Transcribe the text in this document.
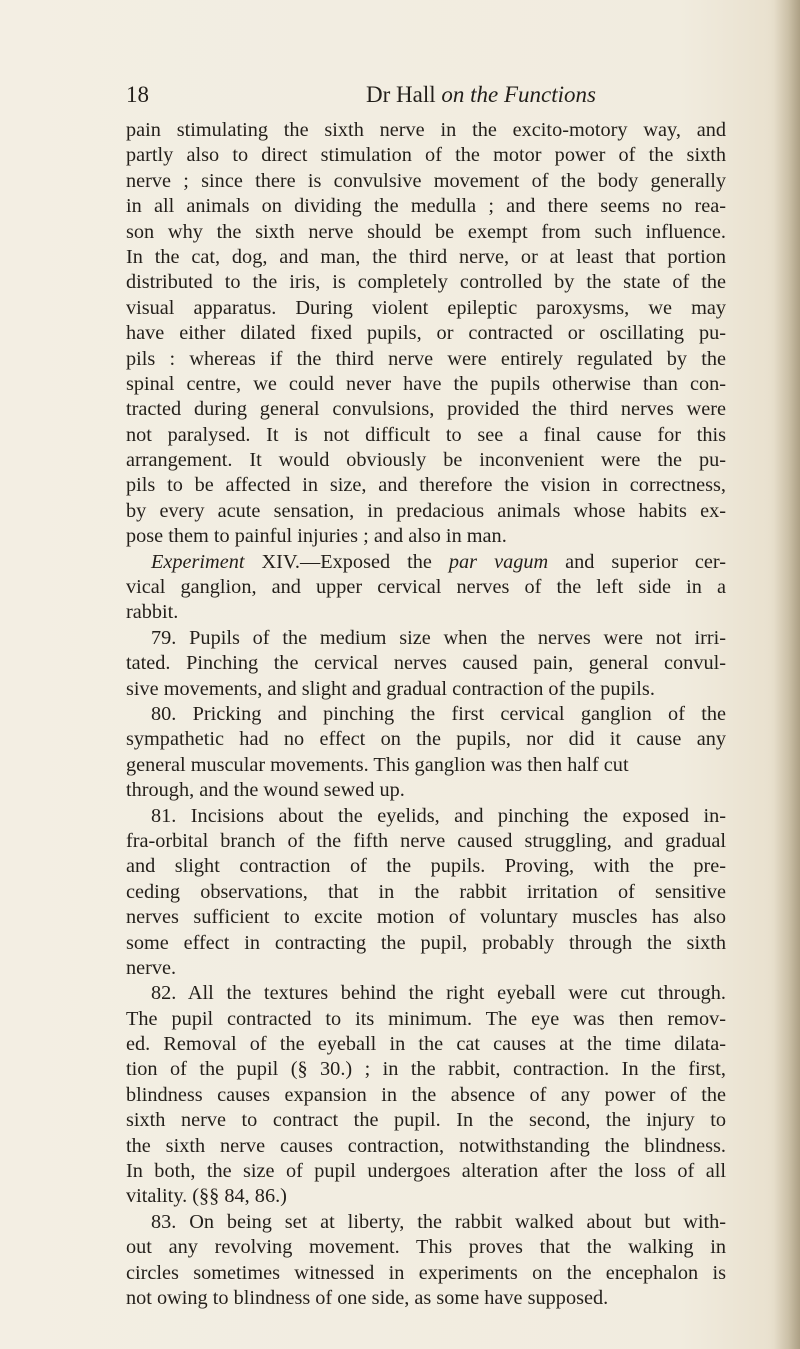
18	Dr Hall on the Functions
pain stimulating the sixth nerve in the excito-motory way, and
partly also to direct stimulation of the motor power of the sixth
nerve ; since there is convulsive movement of the body generally
in all animals on dividing the medulla ; and there seems no rea-
son why the sixth nerve should be exempt from such influence.
In the cat, dog, and man, the third nerve, or at least that portion
distributed to the iris, is completely controlled by the state of the
visual apparatus. During violent epileptic paroxysms, we may
have either dilated fixed pupils, or contracted or oscillating pu-
pils : whereas if the third nerve were entirely regulated by the
spinal centre, we could never have the pupils otherwise than con-
tracted during general convulsions, provided the third nerves were
not paralysed. It is not difficult to see a final cause for this
arrangement. It would obviously be inconvenient were the pu-
pils to be affected in size, and therefore the vision in correctness,
by every acute sensation, in predacious animals whose habits ex-
pose them to painful injuries ; and also in man.
Experiment XIV.—Exposed the par vagum and superior cer-
vical ganglion, and upper cervical nerves of the left side in a
rabbit.
79. Pupils of the medium size when the nerves were not irri-
tated. Pinching the cervical nerves caused pain, general convul-
sive movements, and slight and gradual contraction of the pupils.
80. Pricking and pinching the first cervical ganglion of the
sympathetic had no effect on the pupils, nor did it cause any
general muscular movements. This ganglion was then half cut
through, and the wound sewed up.
81. Incisions about the eyelids, and pinching the exposed in-
fra-orbital branch of the fifth nerve caused struggling, and gradual
and slight contraction of the pupils. Proving, with the pre-
ceding observations, that in the rabbit irritation of sensitive
nerves sufficient to excite motion of voluntary muscles has also
some effect in contracting the pupil, probably through the sixth
nerve.
82. All the textures behind the right eyeball were cut through.
The pupil contracted to its minimum. The eye was then remov-
ed. Removal of the eyeball in the cat causes at the time dilata-
tion of the pupil (§ 30.) ; in the rabbit, contraction. In the first,
blindness causes expansion in the absence of any power of the
sixth nerve to contract the pupil. In the second, the injury to
the sixth nerve causes contraction, notwithstanding the blindness.
In both, the size of pupil undergoes alteration after the loss of all
vitality. (§§ 84, 86.)
83. On being set at liberty, the rabbit walked about but with-
out any revolving movement. This proves that the walking in
circles sometimes witnessed in experiments on the encephalon is
not owing to blindness of one side, as some have supposed.
